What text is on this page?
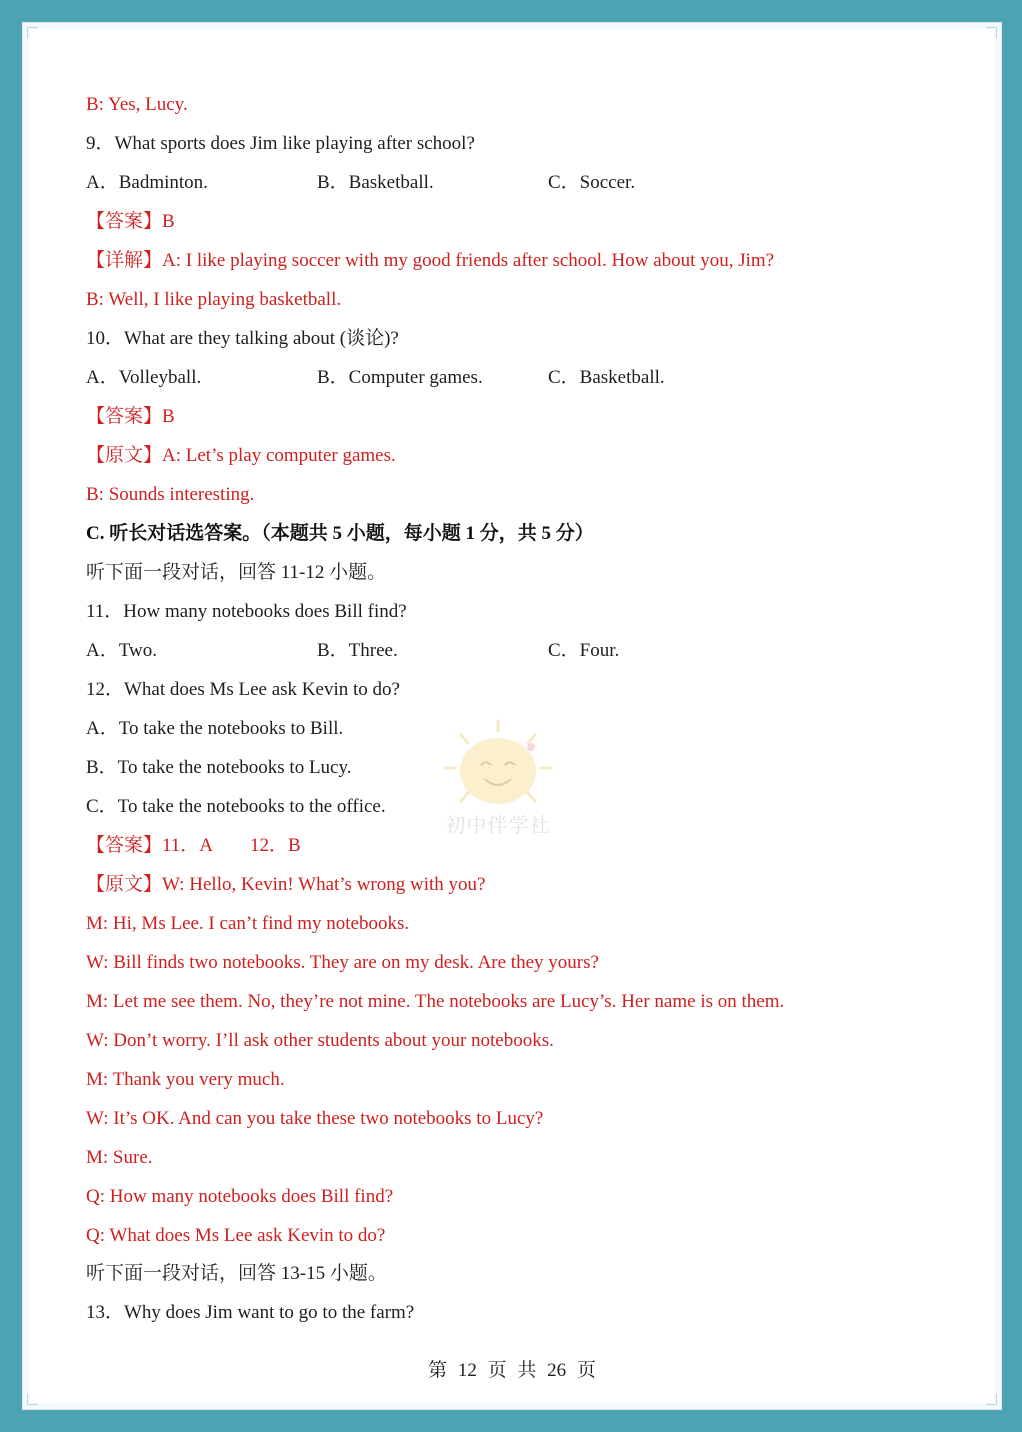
初中伴学社
B: Yes, Lucy.
9．What sports does Jim like playing after school?
A．Badminton.	B．Basketball.	C．Soccer.
【答案】B
【详解】A: I like playing soccer with my good friends after school. How about you, Jim?
B: Well, I like playing basketball.
10．What are they talking about (谈论)?
A．Volleyball.	B．Computer games.	C．Basketball.
【答案】B
【原文】A: Let’s play computer games.
B: Sounds interesting.
C. 听长对话选答案。（本题共 5 小题，每小题 1 分，共 5 分）
听下面一段对话，回答 11-12 小题。
11．How many notebooks does Bill find?
A．Two.	B．Three.	C．Four.
12．What does Ms Lee ask Kevin to do?
A．To take the notebooks to Bill.
B．To take the notebooks to Lucy.
C．To take the notebooks to the office.
【答案】11．A　　12．B
【原文】W: Hello, Kevin! What’s wrong with you?
M: Hi, Ms Lee. I can’t find my notebooks.
W: Bill finds two notebooks. They are on my desk. Are they yours?
M: Let me see them. No, they’re not mine. The notebooks are Lucy’s. Her name is on them.
W: Don’t worry. I’ll ask other students about your notebooks.
M: Thank you very much.
W: It’s OK. And can you take these two notebooks to Lucy?
M: Sure.
Q: How many notebooks does Bill find?
Q: What does Ms Lee ask Kevin to do?
听下面一段对话，回答 13-15 小题。
13．Why does Jim want to go to the farm?
第 12 页 共 26 页
